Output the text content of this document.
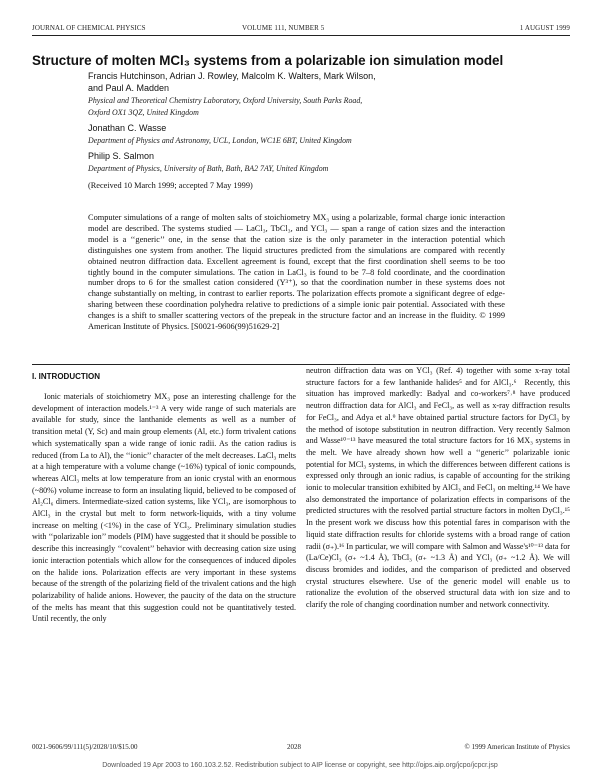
JOURNAL OF CHEMICAL PHYSICS	VOLUME 111, NUMBER 5	1 AUGUST 1999
Structure of molten MCl₃ systems from a polarizable ion simulation model
Francis Hutchinson, Adrian J. Rowley, Malcolm K. Walters, Mark Wilson,
and Paul A. Madden
Physical and Theoretical Chemistry Laboratory, Oxford University, South Parks Road,
Oxford OX1 3QZ, United Kingdom
Jonathan C. Wasse
Department of Physics and Astronomy, UCL, London, WC1E 6BT, United Kingdom
Philip S. Salmon
Department of Physics, University of Bath, Bath, BA2 7AY, United Kingdom
(Received 10 March 1999; accepted 7 May 1999)
Computer simulations of a range of molten salts of stoichiometry MX₃ using a polarizable, formal charge ionic interaction model are described. The systems studied — LaCl₃, TbCl₃, and YCl₃ — span a range of cation sizes and the interaction model is a ‘‘generic’’ one, in the sense that the cation size is the only parameter in the interaction potential which distinguishes one system from another. The liquid structures predicted from the simulations are compared with recently obtained neutron diffraction data. Excellent agreement is found, except that the first coordination shell seems to be too tightly bound in the computer simulations. The cation in LaCl₃ is found to be 7–8 fold coordinate, and the coordination number drops to 6 for the smallest cation considered (Y³⁺), so that the coordination number in these systems does not change substantially on melting, in contrast to earlier reports. The polarization effects promote a significant degree of edge-sharing between these coordination polyhedra relative to predictions of a simple ionic pair potential. Associated with these changes is a shift to smaller scattering vectors of the prepeak in the structure factor and an increase in the fluidity. © 1999 American Institute of Physics. [S0021-9606(99)51629-2]
I. INTRODUCTION
Ionic materials of stoichiometry MX₃ pose an interesting challenge for the development of interaction models.¹⁻³ A very wide range of such materials are available for study, since the lanthanide elements as well as a number of transition metal (Y, Sc) and main group elements (Al, etc.) form trivalent cations which systematically span a wide range of ionic radii. As the cation radius is reduced (from La to Al), the ‘‘ionic’’ character of the melt decreases. LaCl₃ melts at a high temperature with a volume change (~16%) typical of ionic compounds, whereas AlCl₃ melts at low temperature from an ionic crystal with an enormous (~80%) volume increase to form an insulating liquid, believed to be composed of Al₂Cl₆ dimers. Intermediate-sized cation systems, like YCl₃, are isomorphous to AlCl₃ in the crystal but melt to form network-liquids, with a tiny volume increase on melting (<1%) in the case of YCl₃. Preliminary simulation studies with ‘‘polarizable ion’’ models (PIM) have suggested that it should be possible to describe this increasingly ‘‘covalent’’ behavior with decreasing cation size using ionic interaction potentials which allow for the consequences of induced dipoles on the halide ions. Polarization effects are very important in these systems because of the strength of the polarizing field of the trivalent cations and the high polarizability of halide anions. However, the paucity of the data on the structure of the melts has meant that this suggestion could not be quantitatively tested. Until recently, the only
neutron diffraction data was on YCl₃ (Ref. 4) together with some x-ray total structure factors for a few lanthanide halides⁵ and for AlCl₃.⁶ Recently, this situation has improved markedly: Badyal and co-workers⁷˒⁸ have produced neutron diffraction data for AlCl₃ and FeCl₃, as well as x-ray diffraction results for FeCl₃, and Adya et al.⁹ have obtained partial structure factors for DyCl₃ by the method of isotope substitution in neutron diffraction. Very recently Salmon and Wasse¹⁰⁻¹³ have measured the total structure factors for 16 MX₃ systems in the melt. We have already shown how well a ‘‘generic’’ polarizable ionic potential for MCl₃ systems, in which the differences between different cations is expressed only through an ionic radius, is capable of accounting for the striking ionic to molecular transition exhibited by AlCl₃ and FeCl₃ on melting.¹⁴ We have also demonstrated the importance of polarization effects in comparisons of the predicted structures with the resolved partial structure factors in molten DyCl₃.¹⁵ In the present work we discuss how this potential fares in comparison with the liquid state diffraction results for chloride systems with a broad range of cation radii (σ₊).¹⁶ In particular, we will compare with Salmon and Wasse's¹⁰⁻¹³ data for (La/Ce)Cl₃ (σ₊ ~1.4 Å), TbCl₃ (σ₊ ~1.3 Å) and YCl₃ (σ₊ ~1.2 Å). We will discuss bromides and iodides, and the comparison of predicted and observed crystal structures elsewhere. Use of the generic model will enable us to rationalize the evolution of the observed structural data with ion size and to clarify the role of changing coordination number and network connectivity.
0021-9606/99/111(5)/2028/10/$15.00	2028	© 1999 American Institute of Physics
Downloaded 19 Apr 2003 to 160.103.2.52. Redistribution subject to AIP license or copyright, see http://ojps.aip.org/jcpo/jcpcr.jsp
